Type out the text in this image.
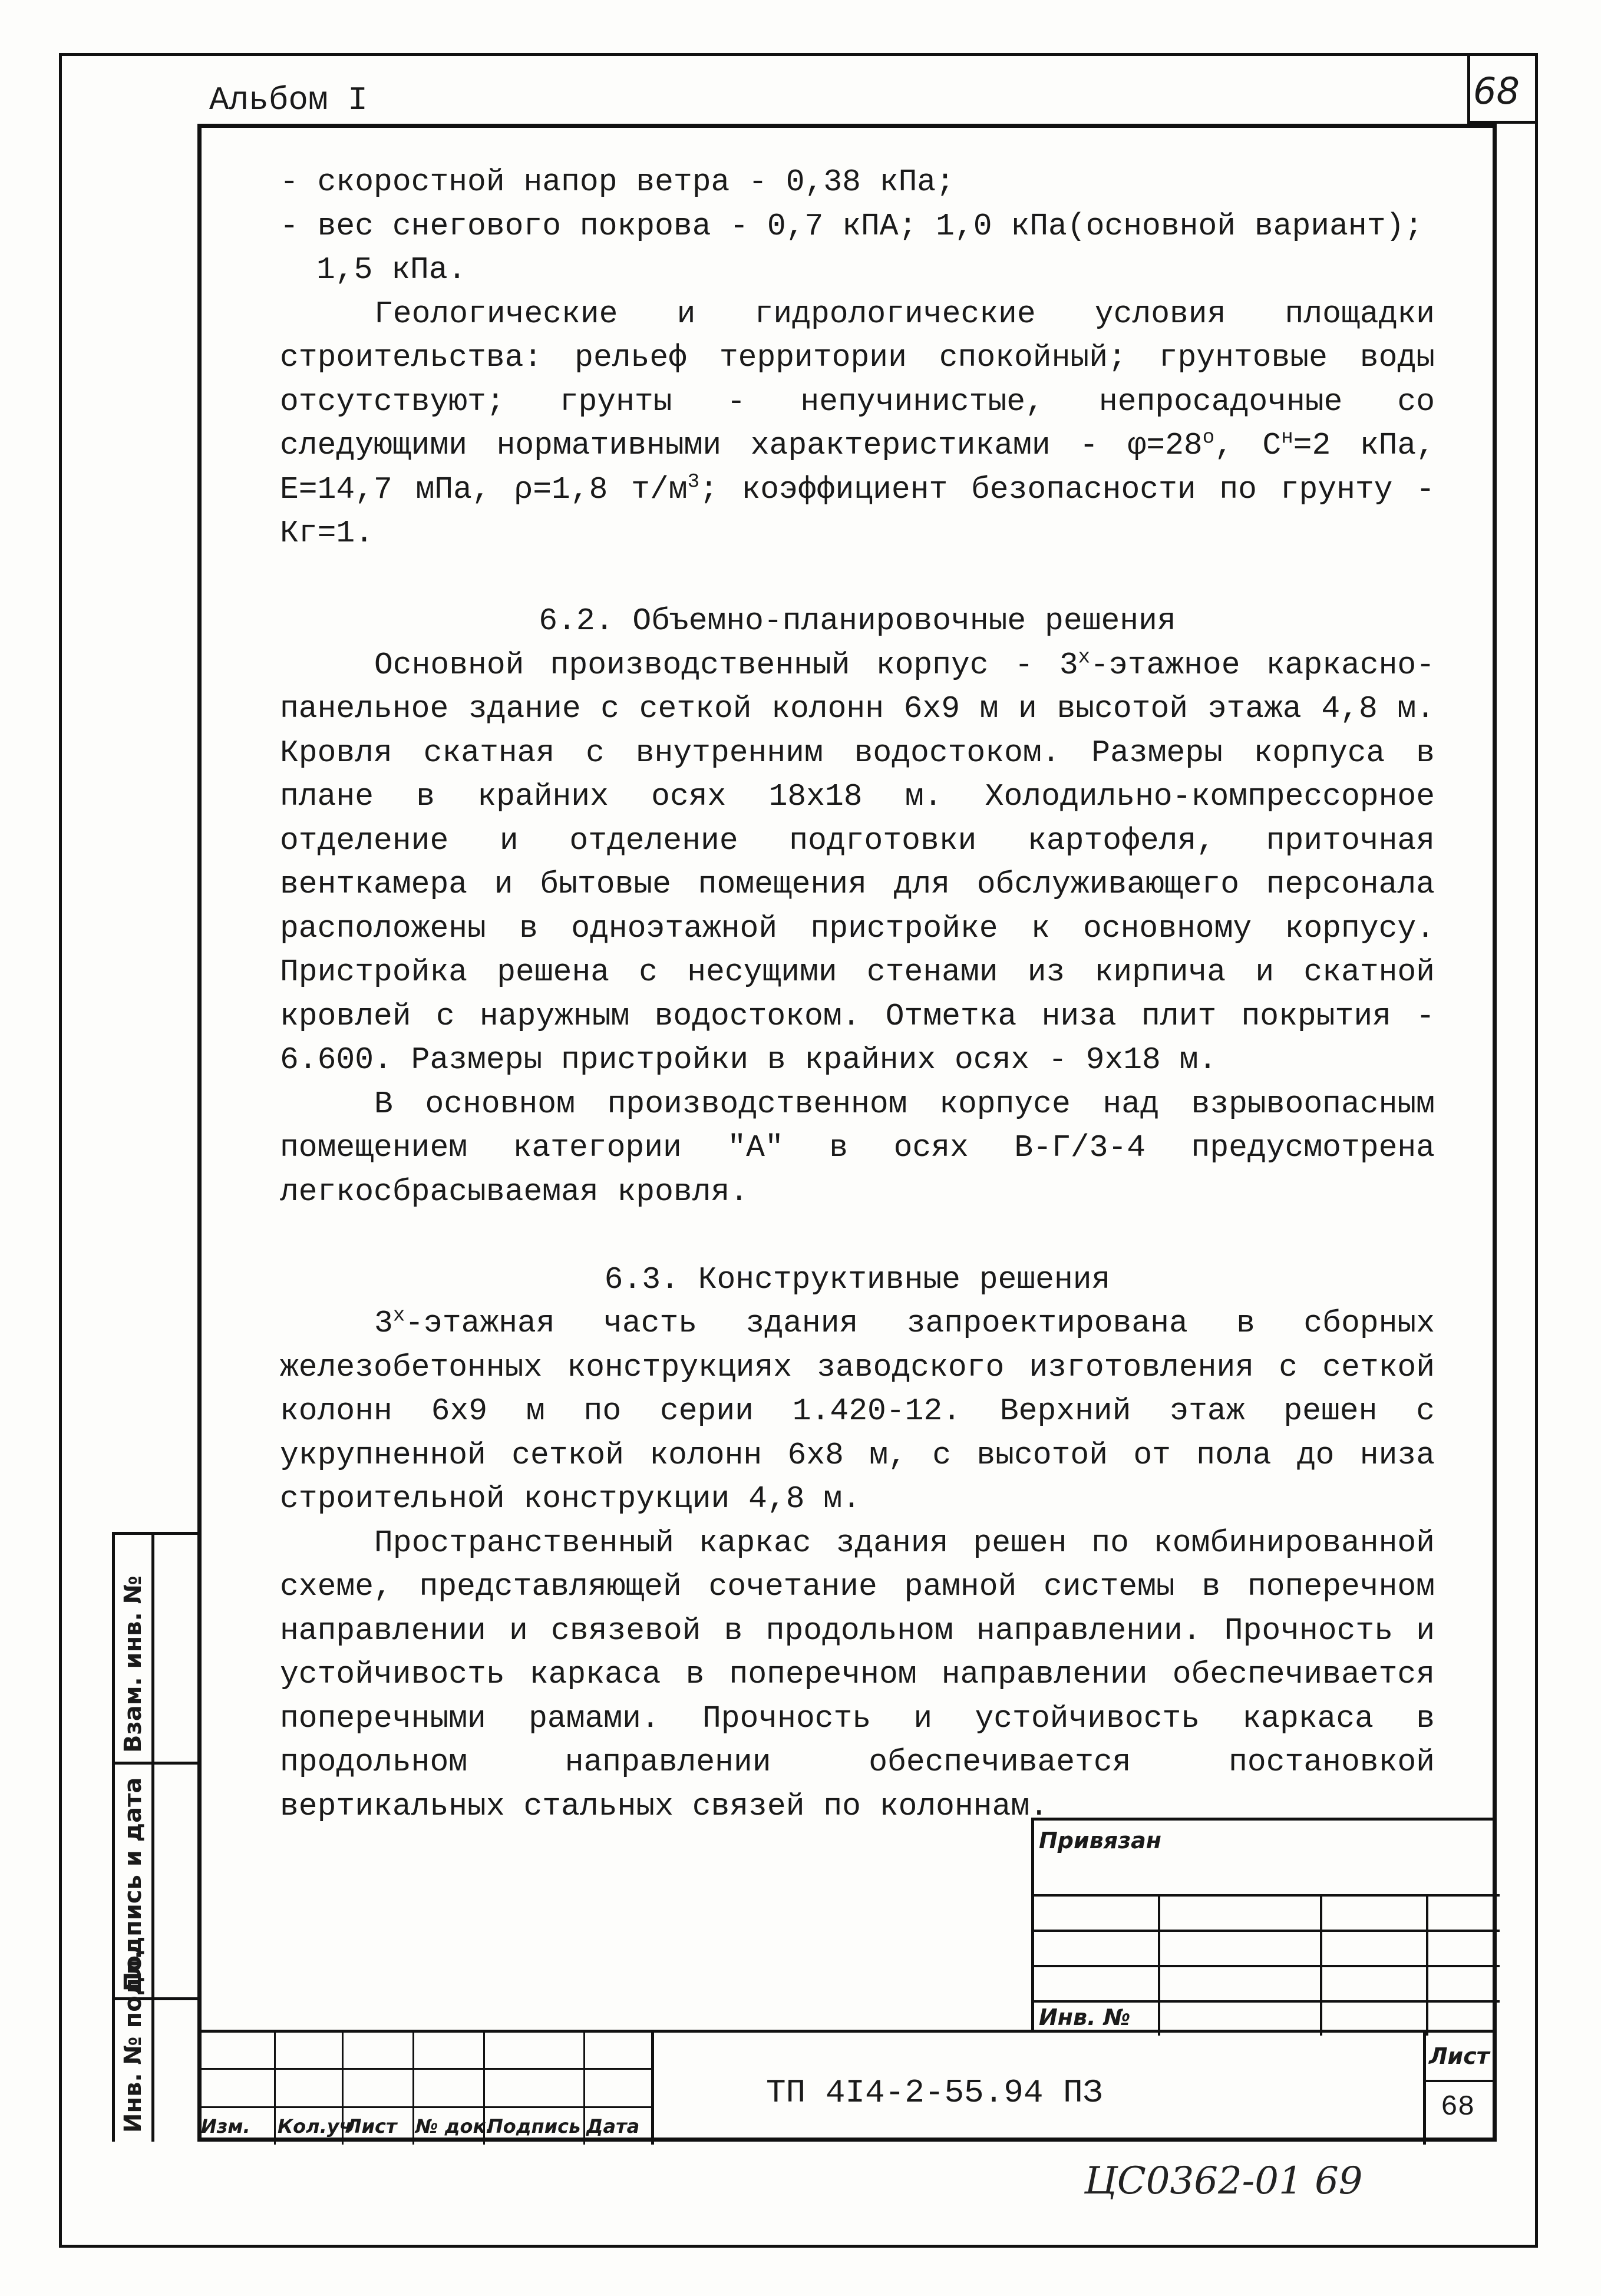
68
Альбом I

- скоростной напор ветра - 0,38 кПа;

- вес снегового покрова - 0,7 кПА; 1,0 кПа(основной вариант); 1,5 кПа.

Геологические и гидрологические условия площадки строительства: рельеф территории спокойный; грунтовые воды отсутствуют; грунты - непучинистые, непросадочные со следующими нормативными характеристиками - $\varphi=28^о$, $С^н=2$ кПа, Е=14,7 мПа, ρ=1,8 $т/м^3$; коэффициент безопасности по грунту - Кг=1.

6.2. Объемно-планировочные решения

Основной производственный корпус - $3^х$-этажное каркасно-панельное здание с сеткой колонн 6х9 м и высотой этажа 4,8 м. Кровля скатная с внутренним водостоком. Размеры корпуса в плане в крайних осях 18х18 м. Холодильно-компрессорное отделение и отделение подготовки картофеля, приточная венткамера и бытовые помещения для обслуживающего персонала расположены в одноэтажной пристройке к основному корпусу. Пристройка решена с несущими стенами из кирпича и скатной кровлей с наружным водостоком. Отметка низа плит покрытия - 6.600. Размеры пристройки в крайних осях - 9х18 м.

В основном производственном корпусе над взрывоопасным помещением категории "А" в осях В-Г/3-4 предусмотрена легкосбрасываемая кровля.

6.3. Конструктивные решения

$3^х$-этажная часть здания запроектирована в сборных железобетонных конструкциях заводского изготовления с сеткой колонн 6х9 м по серии 1.420-12. Верхний этаж решен с укрупненной сеткой колонн 6х8 м, с высотой от пола до низа строительной конструкции 4,8 м.

Пространственный каркас здания решен по комбинированной схеме, представляющей сочетание рамной системы в поперечном направлении и связевой в продольном направлении. Прочность и устойчивость каркаса в поперечном направлении обеспечивается поперечными рамами. Прочность и устойчивость каркаса в продольном направлении обеспечивается постановкой вертикальных стальных связей по колоннам.

Инв. № подл.
Подпись и дата
Взам. инв. №
Привязан
Инв. №
Изм. Кол.уч
Лист № док.
Подпись Дата
Лист
ТП 4I4-2-55.94 ПЗ	68
ЦС0362-01 69
